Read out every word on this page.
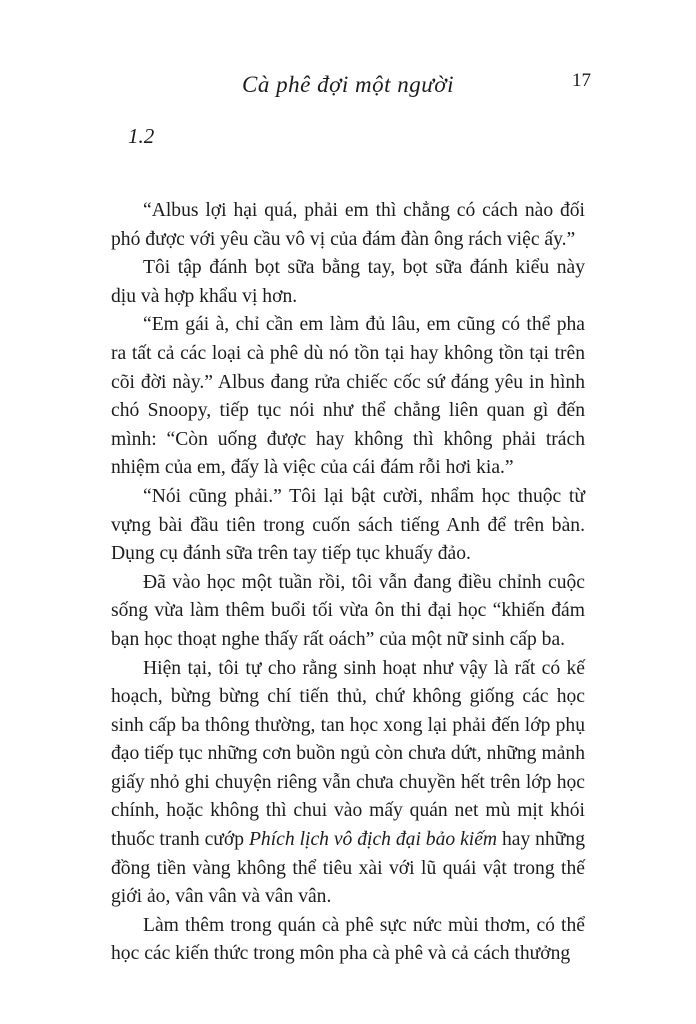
Cà phê đợi một người	17
1.2

“Albus lợi hại quá, phải em thì chẳng có cách nào đối phó được với yêu cầu vô vị của đám đàn ông rách việc ấy.”

Tôi tập đánh bọt sữa bằng tay, bọt sữa đánh kiểu này dịu và hợp khẩu vị hơn.

“Em gái à, chỉ cần em làm đủ lâu, em cũng có thể pha ra tất cả các loại cà phê dù nó tồn tại hay không tồn tại trên cõi đời này.” Albus đang rửa chiếc cốc sứ đáng yêu in hình chó Snoopy, tiếp tục nói như thể chẳng liên quan gì đến mình: “Còn uống được hay không thì không phải trách nhiệm của em, đấy là việc của cái đám rỗi hơi kia.”

“Nói cũng phải.” Tôi lại bật cười, nhẩm học thuộc từ vựng bài đầu tiên trong cuốn sách tiếng Anh để trên bàn. Dụng cụ đánh sữa trên tay tiếp tục khuấy đảo.

Đã vào học một tuần rồi, tôi vẫn đang điều chỉnh cuộc sống vừa làm thêm buổi tối vừa ôn thi đại học “khiến đám bạn học thoạt nghe thấy rất oách” của một nữ sinh cấp ba.

Hiện tại, tôi tự cho rằng sinh hoạt như vậy là rất có kế hoạch, bừng bừng chí tiến thủ, chứ không giống các học sinh cấp ba thông thường, tan học xong lại phải đến lớp phụ đạo tiếp tục những cơn buồn ngủ còn chưa dứt, những mảnh giấy nhỏ ghi chuyện riêng vẫn chưa chuyền hết trên lớp học chính, hoặc không thì chui vào mấy quán net mù mịt khói thuốc tranh cướp Phích lịch vô địch đại bảo kiếm hay những đồng tiền vàng không thể tiêu xài với lũ quái vật trong thế giới ảo, vân vân và vân vân.

Làm thêm trong quán cà phê sực nức mùi thơm, có thể học các kiến thức trong môn pha cà phê và cả cách thưởng
